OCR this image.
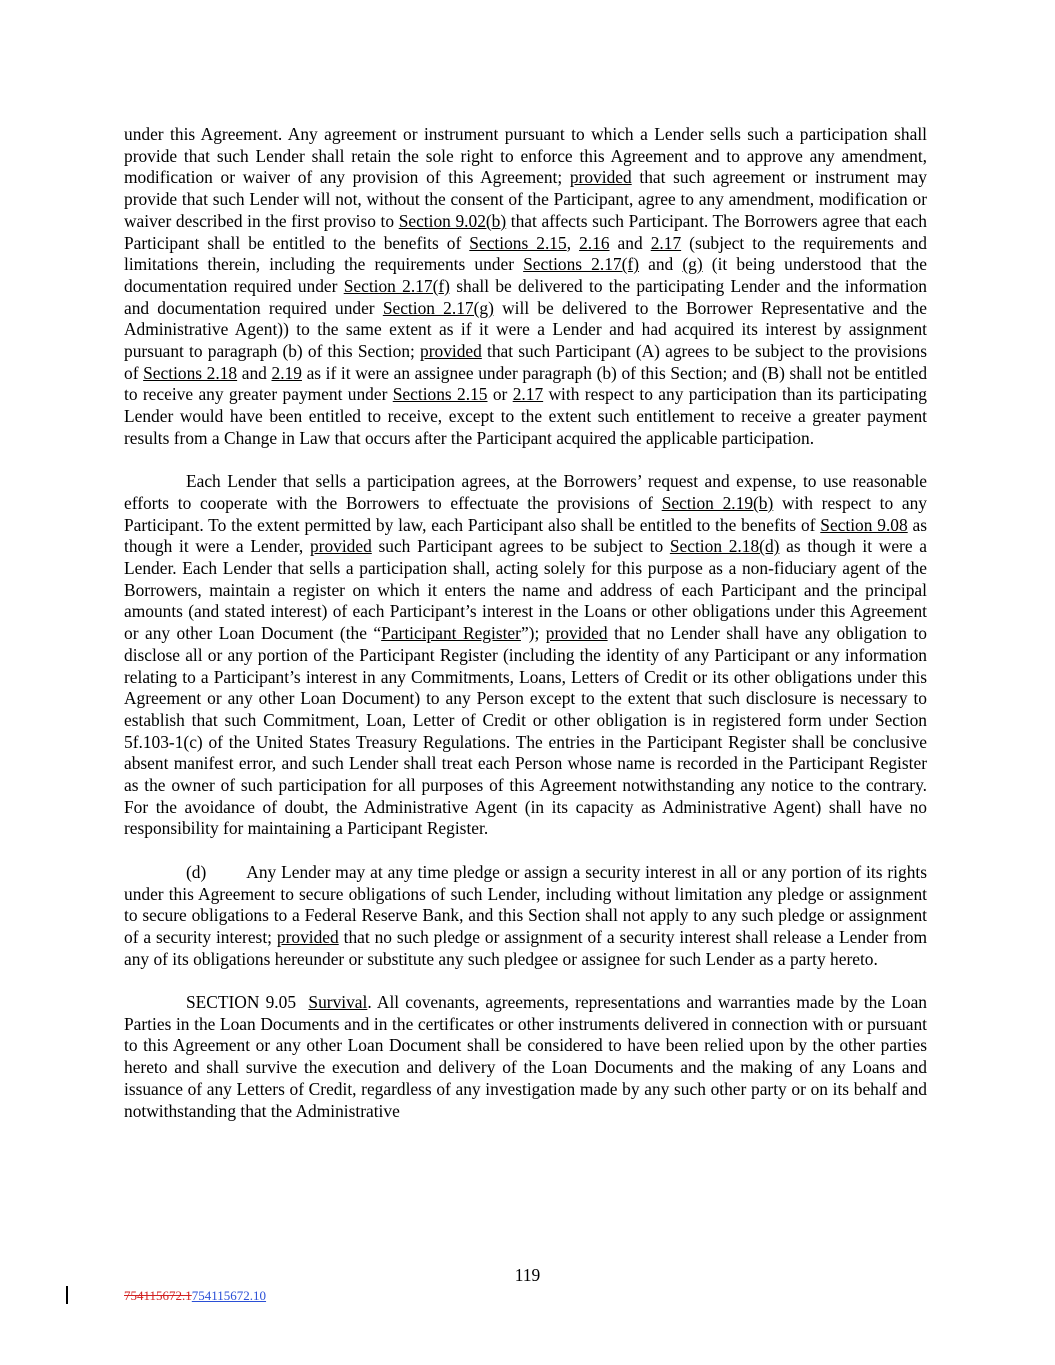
under this Agreement. Any agreement or instrument pursuant to which a Lender sells such a participation shall provide that such Lender shall retain the sole right to enforce this Agreement and to approve any amendment, modification or waiver of any provision of this Agreement; provided that such agreement or instrument may provide that such Lender will not, without the consent of the Participant, agree to any amendment, modification or waiver described in the first proviso to Section 9.02(b) that affects such Participant. The Borrowers agree that each Participant shall be entitled to the benefits of Sections 2.15, 2.16 and 2.17 (subject to the requirements and limitations therein, including the requirements under Sections 2.17(f) and (g) (it being understood that the documentation required under Section 2.17(f) shall be delivered to the participating Lender and the information and documentation required under Section 2.17(g) will be delivered to the Borrower Representative and the Administrative Agent)) to the same extent as if it were a Lender and had acquired its interest by assignment pursuant to paragraph (b) of this Section; provided that such Participant (A) agrees to be subject to the provisions of Sections 2.18 and 2.19 as if it were an assignee under paragraph (b) of this Section; and (B) shall not be entitled to receive any greater payment under Sections 2.15 or 2.17 with respect to any participation than its participating Lender would have been entitled to receive, except to the extent such entitlement to receive a greater payment results from a Change in Law that occurs after the Participant acquired the applicable participation.

Each Lender that sells a participation agrees, at the Borrowers’ request and expense, to use reasonable efforts to cooperate with the Borrowers to effectuate the provisions of Section 2.19(b) with respect to any Participant. To the extent permitted by law, each Participant also shall be entitled to the benefits of Section 9.08 as though it were a Lender, provided such Participant agrees to be subject to Section 2.18(d) as though it were a Lender. Each Lender that sells a participation shall, acting solely for this purpose as a non-fiduciary agent of the Borrowers, maintain a register on which it enters the name and address of each Participant and the principal amounts (and stated interest) of each Participant’s interest in the Loans or other obligations under this Agreement or any other Loan Document (the “Participant Register”); provided that no Lender shall have any obligation to disclose all or any portion of the Participant Register (including the identity of any Participant or any information relating to a Participant’s interest in any Commitments, Loans, Letters of Credit or its other obligations under this Agreement or any other Loan Document) to any Person except to the extent that such disclosure is necessary to establish that such Commitment, Loan, Letter of Credit or other obligation is in registered form under Section 5f.103-1(c) of the United States Treasury Regulations. The entries in the Participant Register shall be conclusive absent manifest error, and such Lender shall treat each Person whose name is recorded in the Participant Register as the owner of such participation for all purposes of this Agreement notwithstanding any notice to the contrary. For the avoidance of doubt, the Administrative Agent (in its capacity as Administrative Agent) shall have no responsibility for maintaining a Participant Register.

(d) Any Lender may at any time pledge or assign a security interest in all or any portion of its rights under this Agreement to secure obligations of such Lender, including without limitation any pledge or assignment to secure obligations to a Federal Reserve Bank, and this Section shall not apply to any such pledge or assignment of a security interest; provided that no such pledge or assignment of a security interest shall release a Lender from any of its obligations hereunder or substitute any such pledgee or assignee for such Lender as a party hereto.

SECTION 9.05 Survival. All covenants, agreements, representations and warranties made by the Loan Parties in the Loan Documents and in the certificates or other instruments delivered in connection with or pursuant to this Agreement or any other Loan Document shall be considered to have been relied upon by the other parties hereto and shall survive the execution and delivery of the Loan Documents and the making of any Loans and issuance of any Letters of Credit, regardless of any investigation made by any such other party or on its behalf and notwithstanding that the Administrative

119
754115672.1754115672.10
